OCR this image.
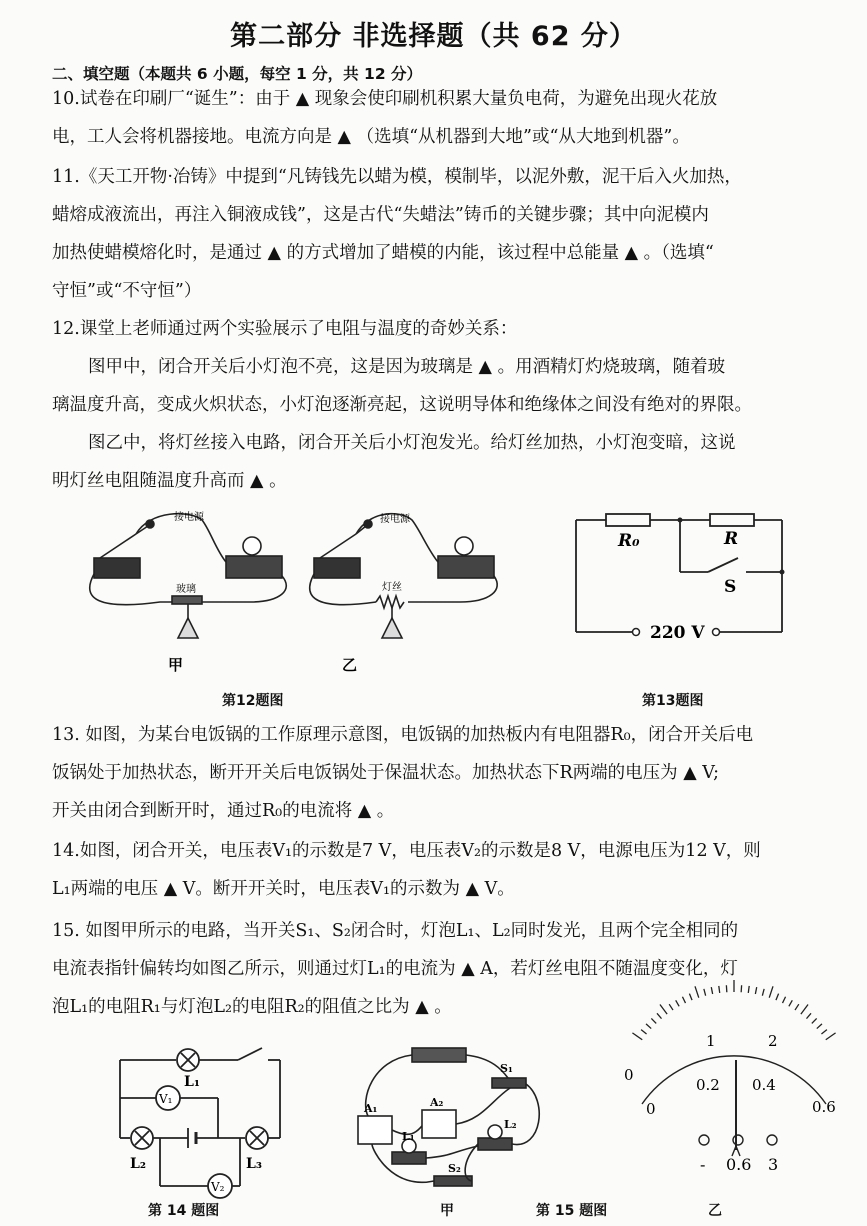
第二部分 非选择题（共 62 分）
二、填空题（本题共 6 小题，每空 1 分，共 12 分）
10.试卷在印刷厂“诞生”：由于 ▲ 现象会使印刷机积累大量负电荷，为避免出现火花放
电，工人会将机器接地。电流方向是 ▲ （选填“从机器到大地”或“从大地到机器”。
11.《天工开物·冶铸》中提到“凡铸钱先以蜡为模，模制毕，以泥外敷，泥干后入火加热，
蜡熔成液流出，再注入铜液成钱”，这是古代“失蜡法”铸币的关键步骤；其中向泥模内
加热使蜡模熔化时，是通过 ▲ 的方式增加了蜡模的内能，该过程中总能量 ▲ 。（选填“
守恒”或“不守恒”）
12.课堂上老师通过两个实验展示了电阻与温度的奇妙关系：
图甲中，闭合开关后小灯泡不亮，这是因为玻璃是 ▲ 。用酒精灯灼烧玻璃，随着玻
璃温度升高，变成火炽状态，小灯泡逐渐亮起，这说明导体和绝缘体之间没有绝对的界限。
图乙中，将灯丝接入电路，闭合开关后小灯泡发光。给灯丝加热，小灯泡变暗，这说
明灯丝电阻随温度升高而 ▲ 。
接电源	接电源
玻璃	灯丝
甲	乙
第12题图
R₀	R
S
220 V
第13题图
13. 如图，为某台电饭锅的工作原理示意图，电饭锅的加热板内有电阻器R₀，闭合开关后电
饭锅处于加热状态，断开开关后电饭锅处于保温状态。加热状态下R两端的电压为 ▲ V;
开关由闭合到断开时，通过R₀的电流将 ▲ 。
14.如图，闭合开关，电压表V₁的示数是7 V，电压表V₂的示数是8 V，电源电压为12 V，则
L₁两端的电压 ▲ V。断开开关时，电压表V₁的示数为 ▲ V。
15. 如图甲所示的电路，当开关S₁、S₂闭合时，灯泡L₁、L₂同时发光，且两个完全相同的
电流表指针偏转均如图乙所示，则通过灯L₁的电流为 ▲ A，若灯丝电阻不随温度变化，灯
泡L₁的电阻R₁与灯泡L₂的电阻R₂的阻值之比为 ▲ 。
V₁
V₂
L₁
L₂	L₃
第 14 题图
A₁	A₂
S₁
S₂
L₁
L₂
甲	第 15 题图
0
1	2
0
0.2 0.4
0.6
- 0.6 3
乙
